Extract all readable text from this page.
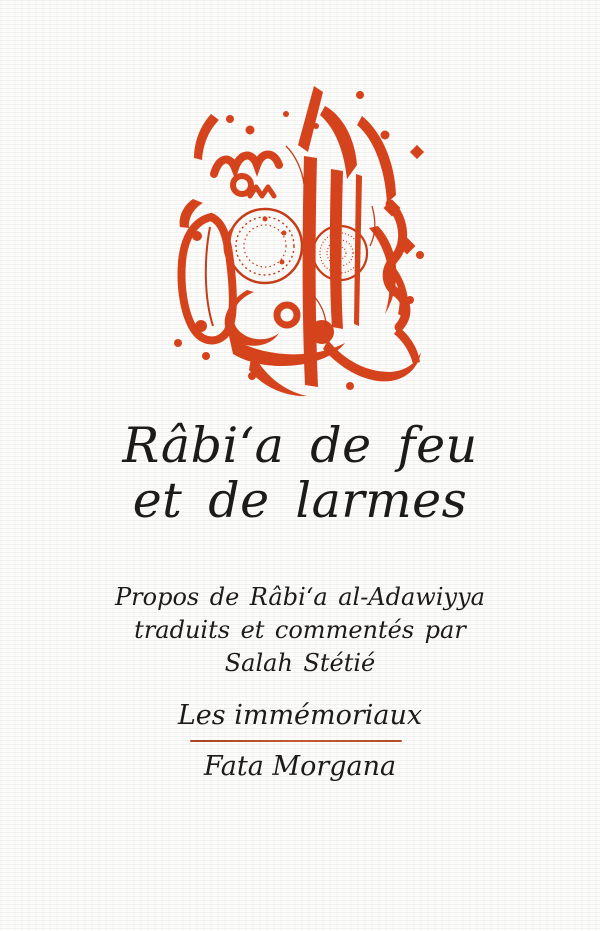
Râbi‘a de feu
et de larmes
Propos de Râbi‘a al-Adawiyya
traduits et commentés par
Salah Stétié
Les immémoriaux
Fata Morgana
